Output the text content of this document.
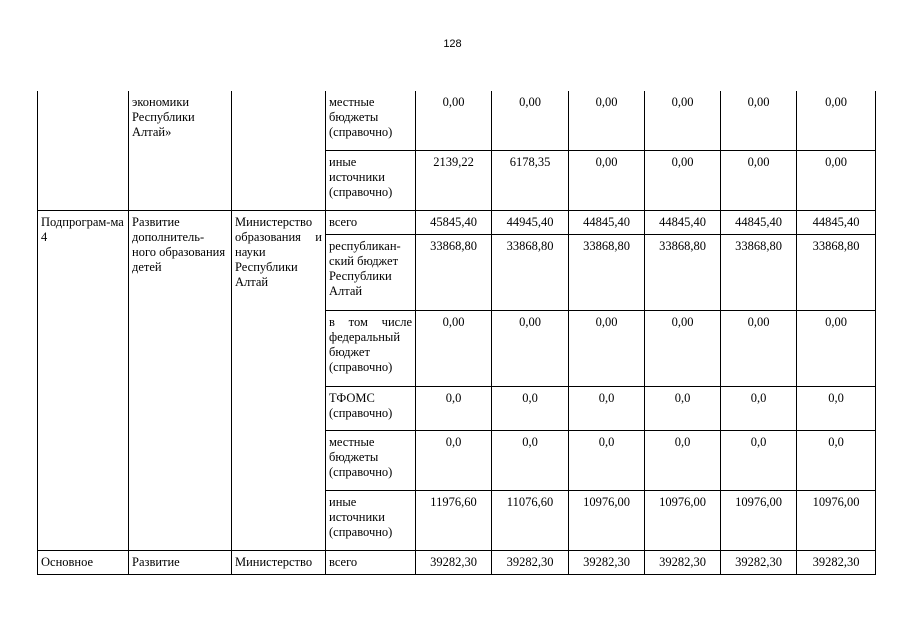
128
	экономики Республики Алтай»		местные бюджеты (справочно)	0,00	0,00	0,00	0,00	0,00	0,00
			иные источники (справочно)	2139,22	6178,35	0,00	0,00	0,00	0,00
Подпрограм-ма 4	Развитие дополнитель-ного образования детей	Министерство образования и науки Республики Алтай	всего	45845,40	44945,40	44845,40	44845,40	44845,40	44845,40
			республикан-ский бюджет Республики Алтай	33868,80	33868,80	33868,80	33868,80	33868,80	33868,80
			в том числе федеральный бюджет (справочно)	0,00	0,00	0,00	0,00	0,00	0,00
			ТФОМС (справочно)	0,0	0,0	0,0	0,0	0,0	0,0
			местные бюджеты (справочно)	0,0	0,0	0,0	0,0	0,0	0,0
			иные источники (справочно)	11976,60	11076,60	10976,00	10976,00	10976,00	10976,00
Основное	Развитие	Министерство	всего	39282,30	39282,30	39282,30	39282,30	39282,30	39282,30
